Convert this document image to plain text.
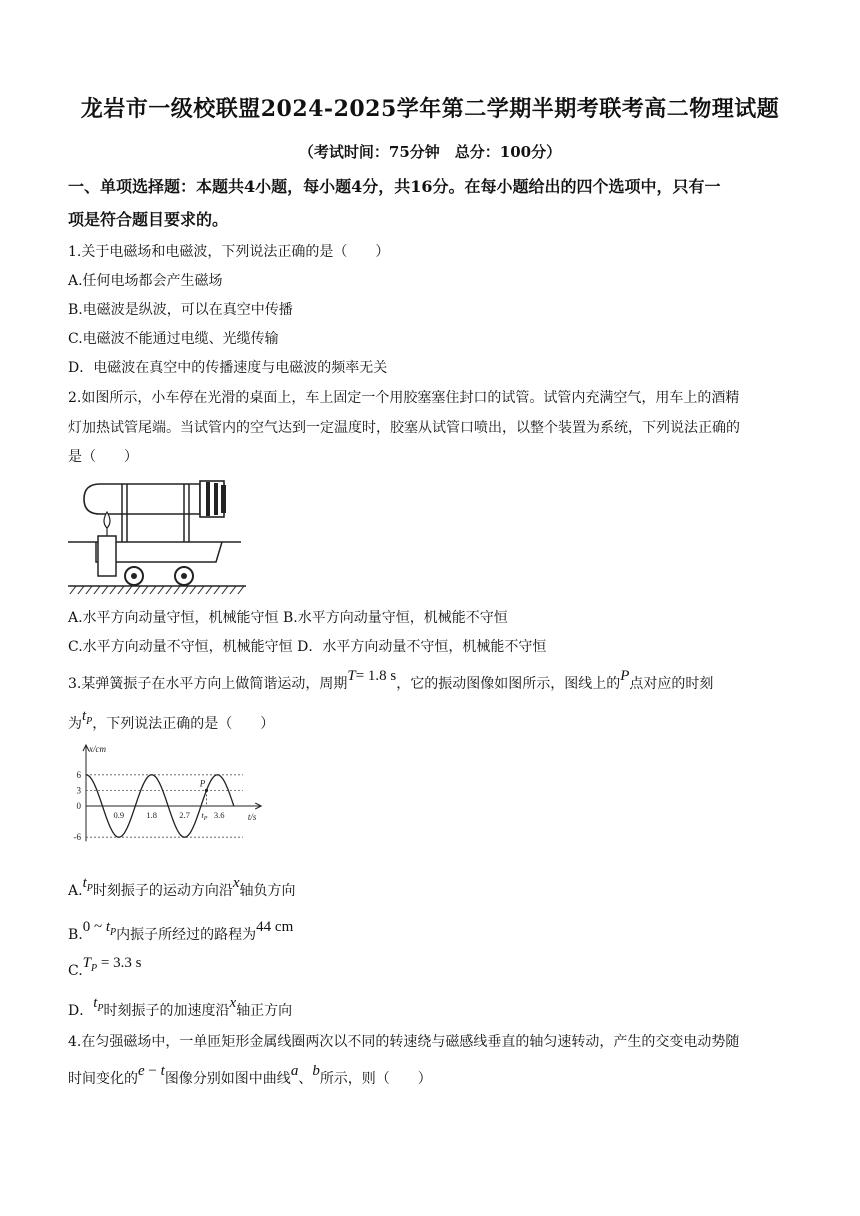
龙岩市一级校联盟2024-2025学年第二学期半期考联考高二物理试题
（考试时间：75分钟　总分：100分）
一、单项选择题：本题共4小题，每小题4分，共16分。在每小题给出的四个选项中，只有一
项是符合题目要求的。
1.关于电磁场和电磁波，下列说法正确的是（　　）
A.任何电场都会产生磁场
B.电磁波是纵波，可以在真空中传播
C.电磁波不能通过电缆、光缆传输
D．电磁波在真空中的传播速度与电磁波的频率无关
2.如图所示，小车停在光滑的桌面上，车上固定一个用胶塞塞住封口的试管。试管内充满空气，用车上的酒精
灯加热试管尾端。当试管内的空气达到一定温度时，胶塞从试管口喷出，以整个装置为系统，下列说法正确的
是（　　）
A.水平方向动量守恒，机械能守恒 B.水平方向动量守恒，机械能不守恒
C.水平方向动量不守恒，机械能守恒 D．水平方向动量不守恒，机械能不守恒
3.某弹簧振子在水平方向上做简谐运动，周期T= 1.8 s，它的振动图像如图所示，图线上的P点对应的时刻
为$t_P$，下列说法正确的是（　　）
x/cm
t/s
6
3
0
-6
0.9	1.8	2.7 $t_P$ 3.6
P
$A.t_P$时刻振子的运动方向沿x轴负方向
B.0 ~ $t_P$内振子所经过的路程为44 cm
$C.T_P = 3.3$ s
D．$t_P$时刻振子的加速度沿x轴正方向
4.在匀强磁场中，一单匝矩形金属线圈两次以不同的转速绕与磁感线垂直的轴匀速转动，产生的交变电动势随
时间变化的e − t图像分别如图中曲线a、b所示，则（　　）
